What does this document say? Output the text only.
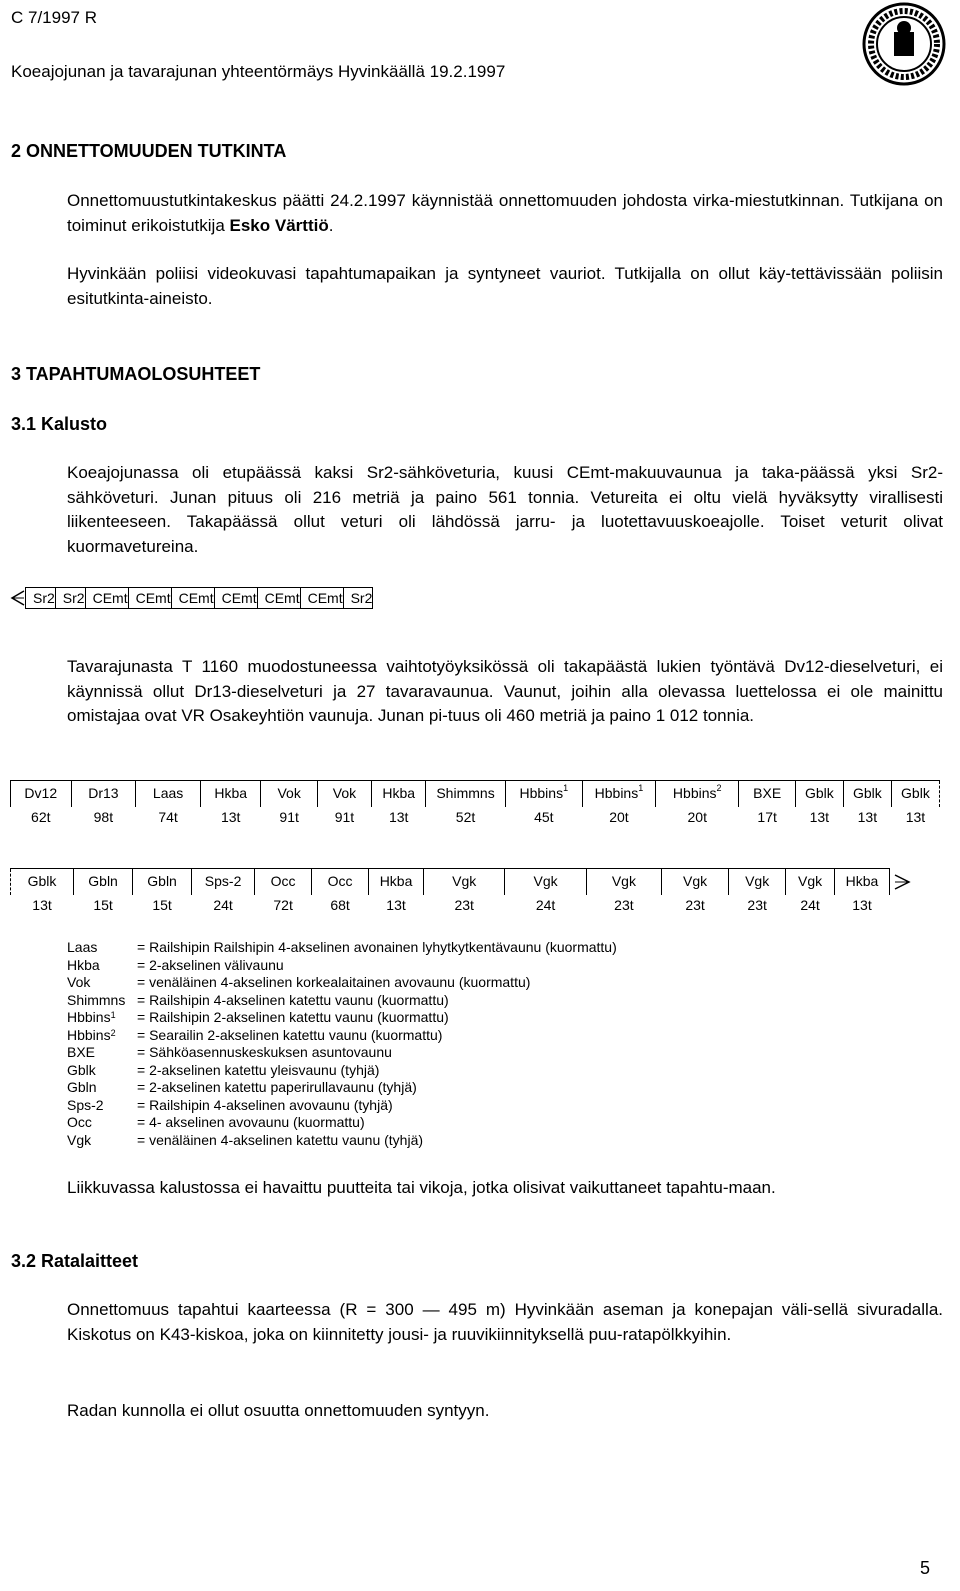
C 7/1997 R
Koeajojunan ja tavarajunan yhteentörmäys Hyvinkäällä 19.2.1997
2 ONNETTOMUUDEN TUTKINTA
Onnettomuustutkintakeskus päätti 24.2.1997 käynnistää onnettomuuden johdosta virka-miestutkinnan. Tutkijana on toiminut erikoistutkija Esko Värttiö.
Hyvinkään poliisi videokuvasi tapahtumapaikan ja syntyneet vauriot. Tutkijalla on ollut käy-tettävissään poliisin esitutkinta-aineisto.
3 TAPAHTUMAOLOSUHTEET
3.1 Kalusto
Koeajojunassa oli etupäässä kaksi Sr2-sähköveturia, kuusi CEmt-makuuvaunua ja taka-päässä yksi Sr2-sähköveturi. Junan pituus oli 216 metriä ja paino 561 tonnia. Vetureita ei oltu vielä hyväksytty virallisesti liikenteeseen. Takapäässä ollut veturi oli lähdössä jarru- ja luotettavuuskoeajolle. Toiset veturit olivat kuormavetureina.
Sr2	Sr2	CEmt	CEmt	CEmt	CEmt	CEmt	CEmt	Sr2
Tavarajunasta T 1160 muodostuneessa vaihtotyöyksikössä oli takapäästä lukien työntävä Dv12-dieselveturi, ei käynnissä ollut Dr13-dieselveturi ja 27 tavaravaunua. Vaunut, joihin alla olevassa luettelossa ei ole mainittu omistajaa ovat VR Osakeyhtiön vaunuja. Junan pi-tuus oli 460 metriä ja paino 1 012 tonnia.
Dv12	Dr13	Laas	Hkba	Vok	Vok	Hkba	Shimmns	Hbbins$^1$	Hbbins$^1$	Hbbins$^2$	BXE	Gblk	Gblk	Gblk
62t	98t	74t	13t	91t	91t	13t	52t	45t	20t	20t	17t	13t	13t	13t
Gblk	Gbln	Gbln	Sps-2	Occ	Occ	Hkba	Vgk	Vgk	Vgk	Vgk	Vgk	Vgk	Hkba
13t	15t	15t	24t	72t	68t	13t	23t	24t	23t	23t	23t	24t	13t
Laas	= Railshipin Railshipin 4-akselinen avonainen lyhytkytkentävaunu (kuormattu)
Hkba	= 2-akselinen välivaunu
Vok	= venäläinen 4-akselinen korkealaitainen avovaunu (kuormattu)
Shimmns	= Railshipin 4-akselinen katettu vaunu (kuormattu)
Hbbins$^1$	= Railshipin 2-akselinen katettu vaunu (kuormattu)
Hbbins$^2$	= Searailin 2-akselinen katettu vaunu (kuormattu)
BXE	= Sähköasennuskeskuksen asuntovaunu
Gblk	= 2-akselinen katettu yleisvaunu (tyhjä)
Gbln	= 2-akselinen katettu paperirullavaunu (tyhjä)
Sps-2	= Railshipin 4-akselinen avovaunu (tyhjä)
Occ	= 4- akselinen avovaunu (kuormattu)
Vgk	= venäläinen 4-akselinen katettu vaunu (tyhjä)
Liikkuvassa kalustossa ei havaittu puutteita tai vikoja, jotka olisivat vaikuttaneet tapahtu-maan.
3.2 Ratalaitteet
Onnettomuus tapahtui kaarteessa (R = 300 — 495 m) Hyvinkään aseman ja konepajan väli-sellä sivuradalla. Kiskotus on K43-kiskoa, joka on kiinnitetty jousi- ja ruuvikiinnityksellä puu-ratapölkkyihin.
Radan kunnolla ei ollut osuutta onnettomuuden syntyyn.
5
